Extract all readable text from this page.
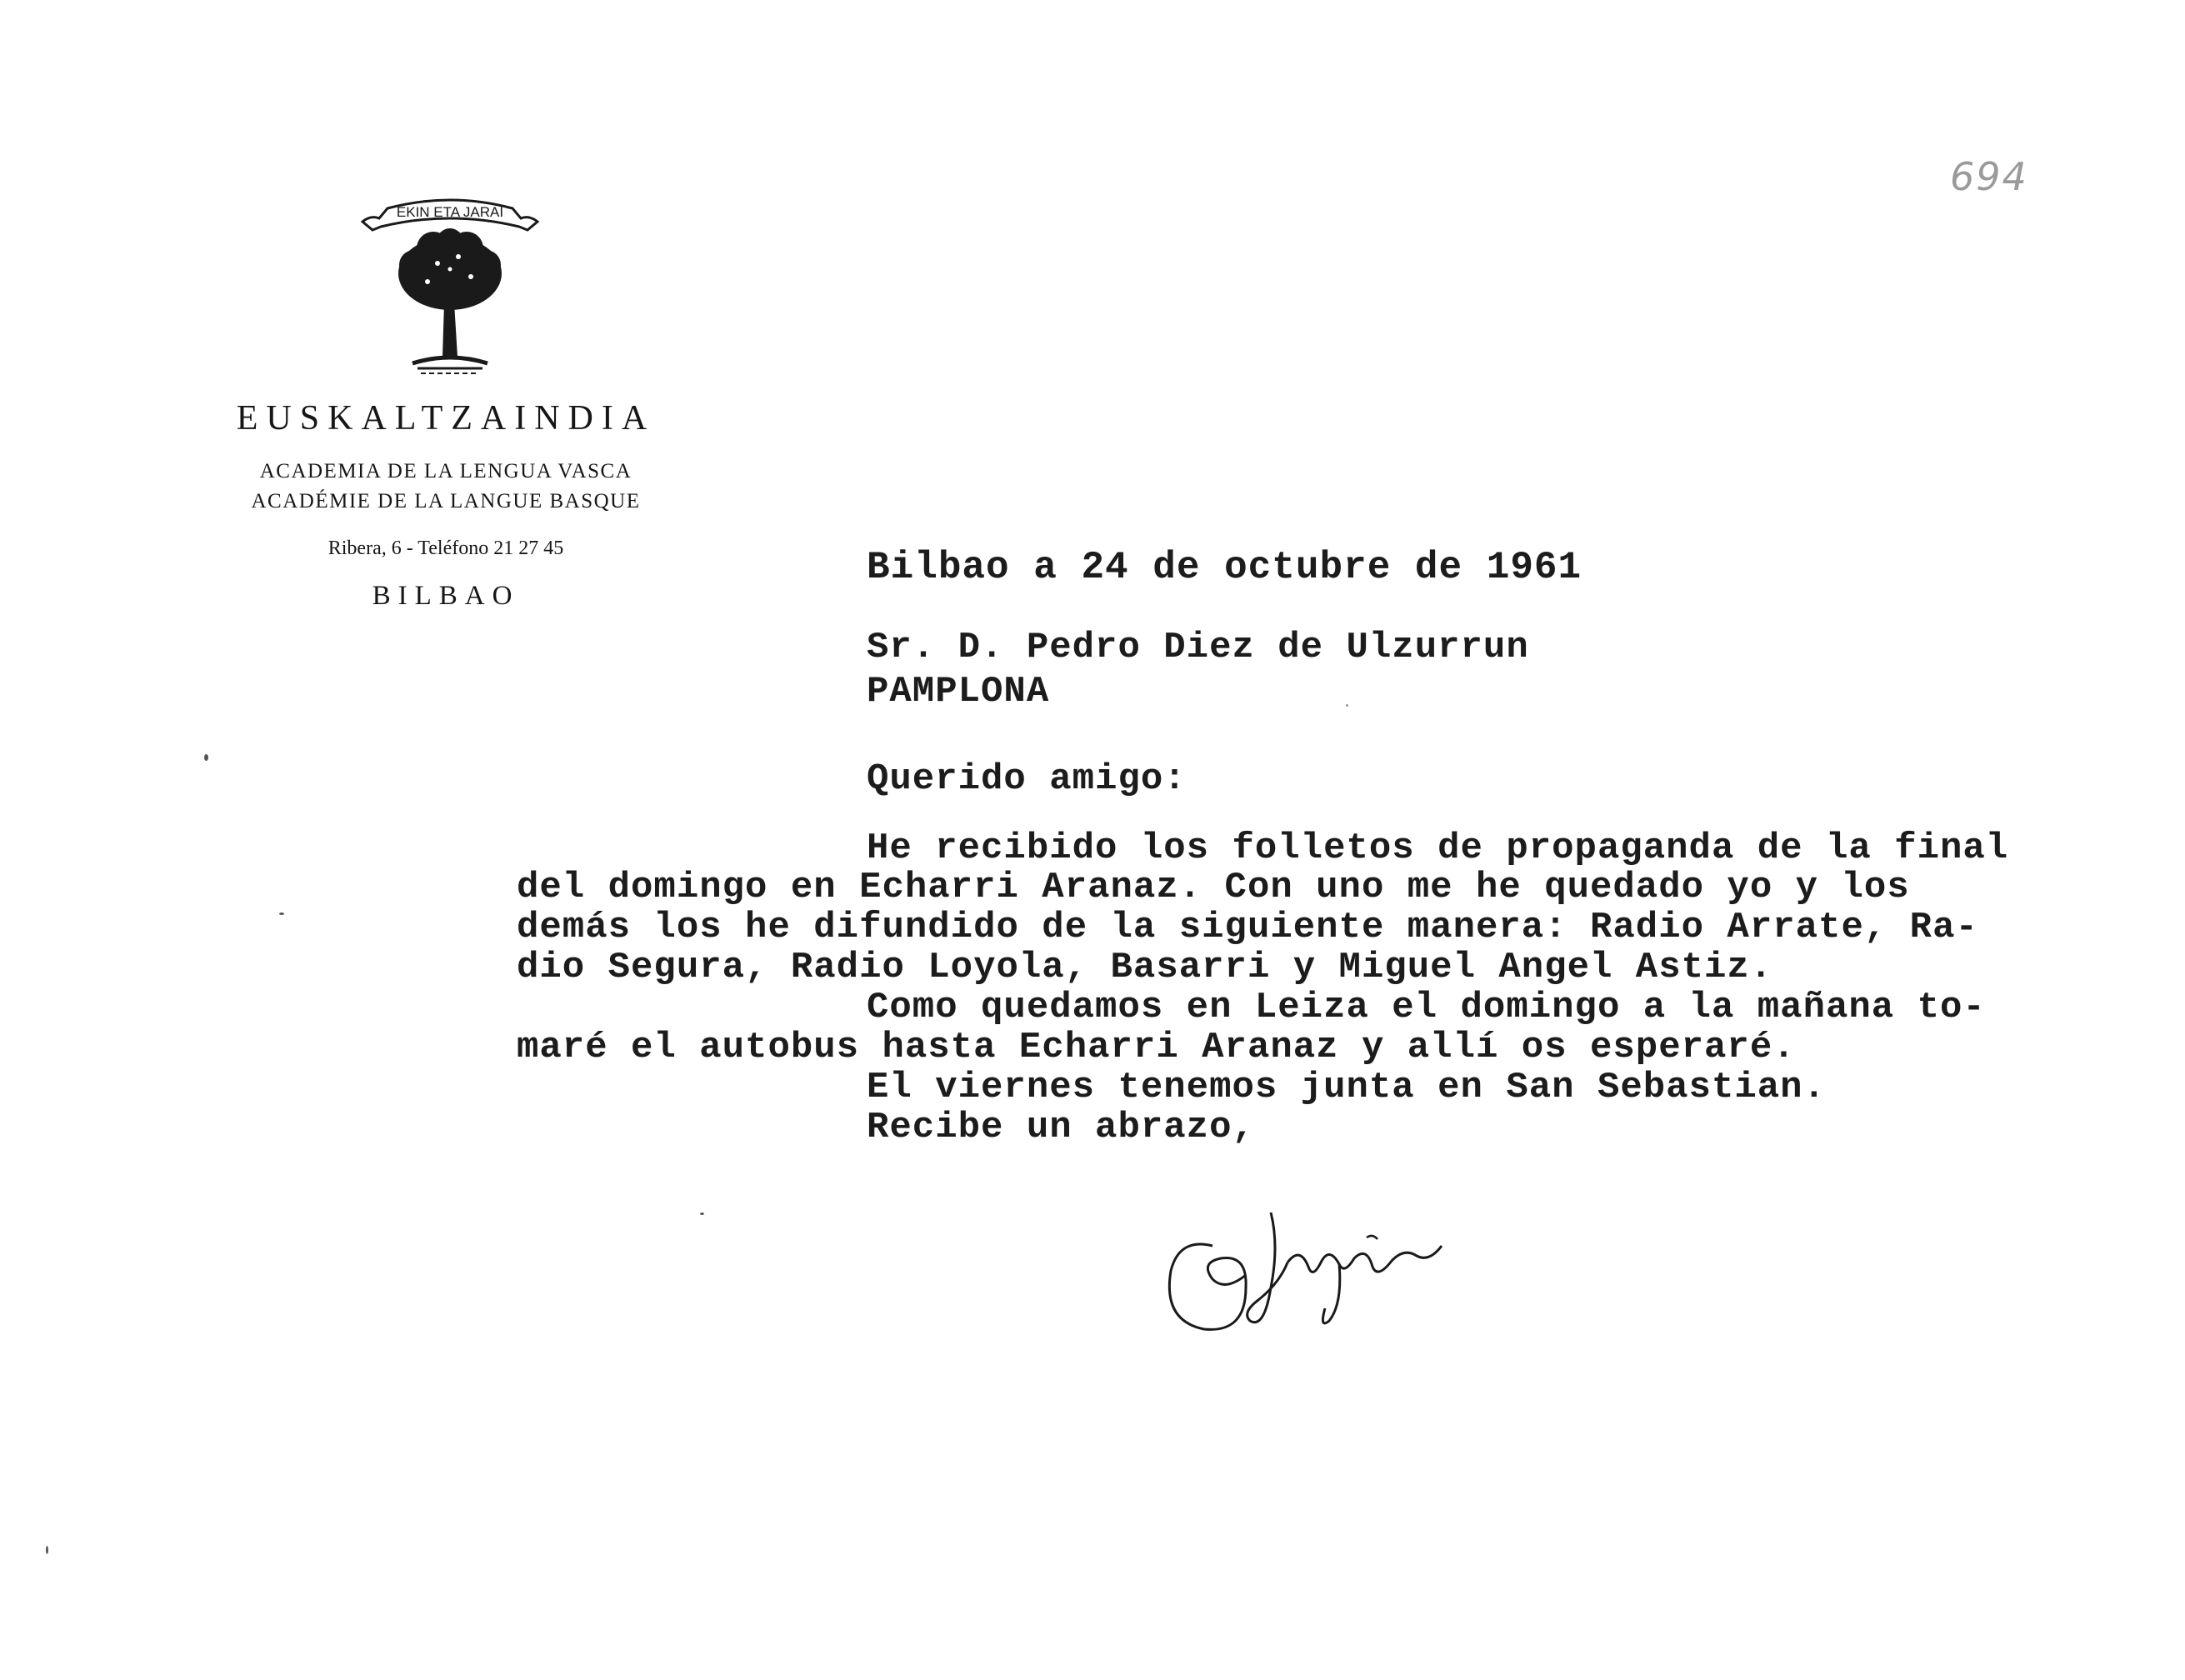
EKIN ETA JARAI
EUSKALTZAINDIA
ACADEMIA DE LA LENGUA VASCA
ACADÉMIE DE LA LANGUE BASQUE
Ribera, 6 - Teléfono 21 27 45
BILBAO
694
Bilbao a 24 de octubre de 1961
Sr. D. Pedro Diez de Ulzurrun
PAMPLONA
Querido amigo:
He recibido los folletos de propaganda de la final
del domingo en Echarri Aranaz. Con uno me he quedado yo y los
demás los he difundido de la siguiente manera: Radio Arrate, Ra-
dio Segura, Radio Loyola, Basarri y Miguel Angel Astiz.
Como quedamos en Leiza el domingo a la mañana to-
maré el autobus hasta Echarri Aranaz y allí os esperaré.
El viernes tenemos junta en San Sebastian.
Recibe un abrazo,
